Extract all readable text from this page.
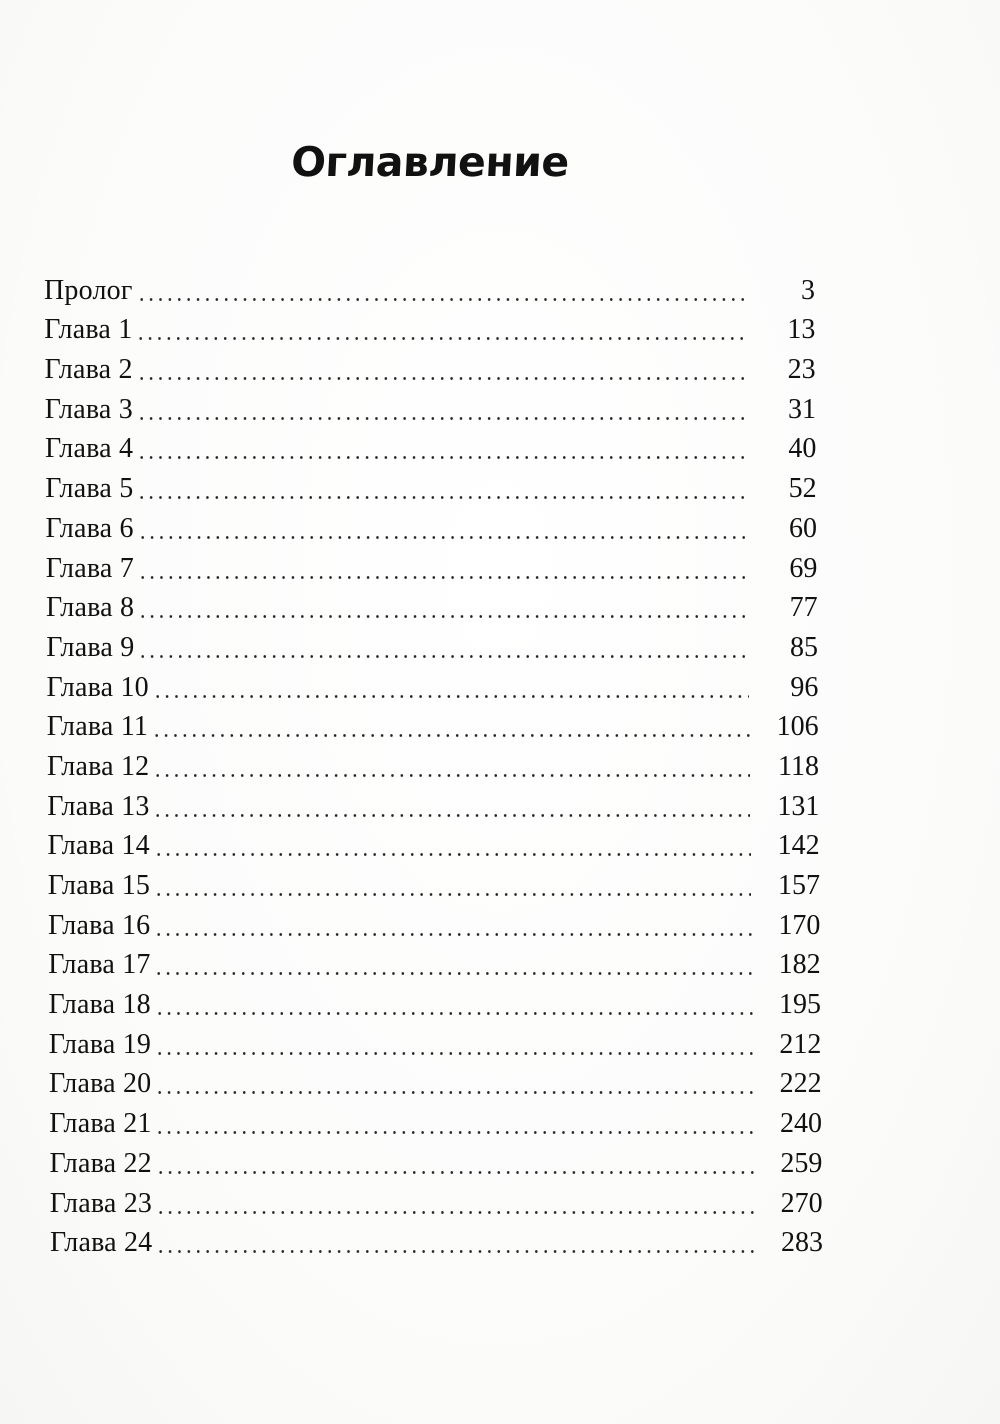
Оглавление
Пролог	3
Глава 1	13
Глава 2	23
Глава 3	31
Глава 4	40
Глава 5	52
Глава 6	60
Глава 7	69
Глава 8	77
Глава 9	85
Глава 10	96
Глава 11	106
Глава 12	118
Глава 13	131
Глава 14	142
Глава 15	157
Глава 16	170
Глава 17	182
Глава 18	195
Глава 19	212
Глава 20	222
Глава 21	240
Глава 22	259
Глава 23	270
Глава 24	283
